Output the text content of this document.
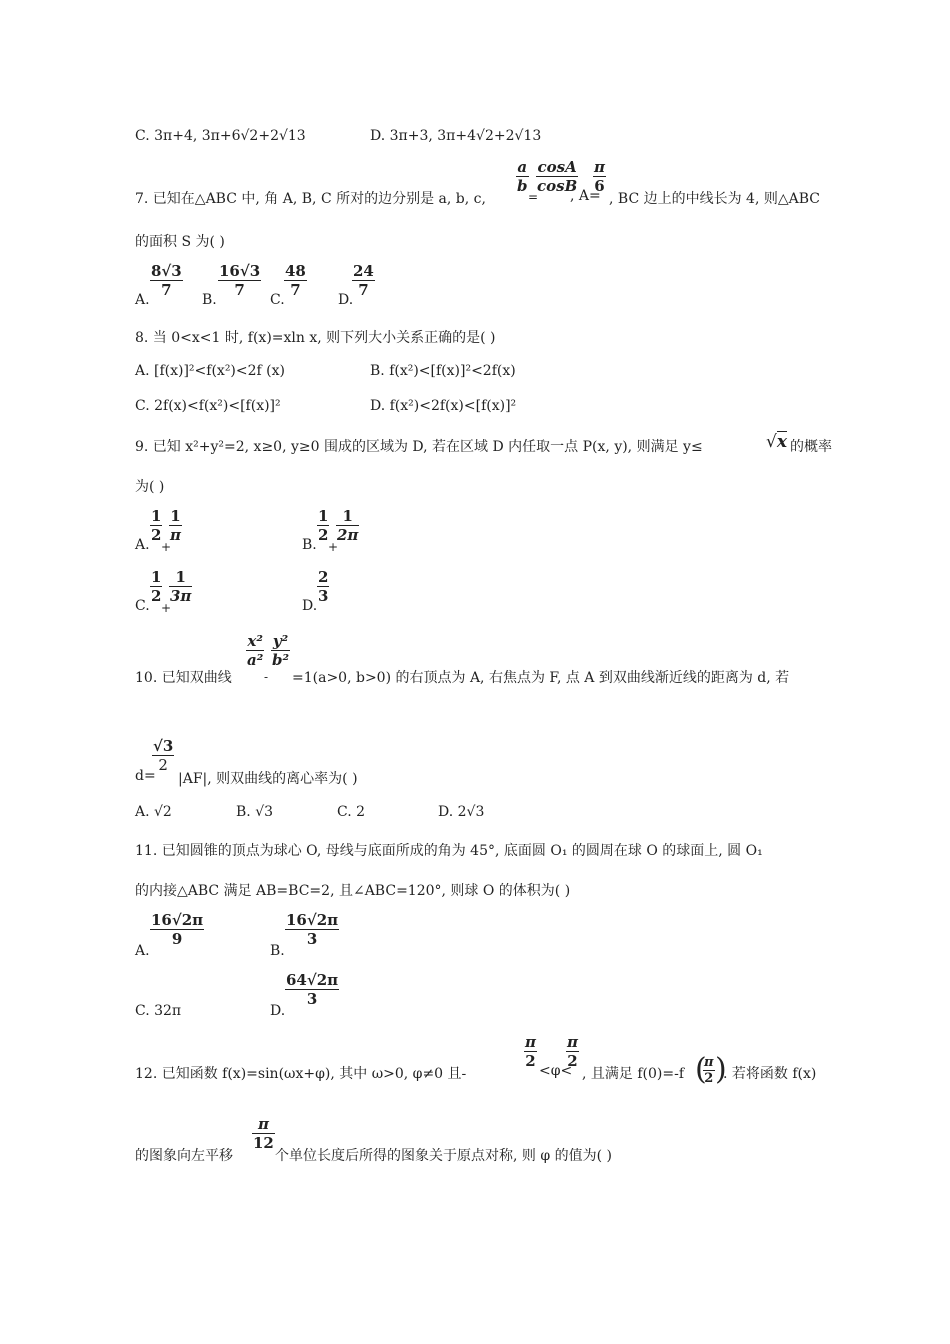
C. 3π+4, 3π+6√2+2√13	D. 3π+3, 3π+4√2+2√13
7. 已知在△ABC 中, 角 A, B, C 所对的边分别是 a, b, c,
$\frac{a}{b}$
=
$\frac{\cos A}{\cos B}$
, A=
$\frac{\pi}{6}$
, BC 边上的中线长为 4, 则△ABC
的面积 S 为( )
A.
$\frac{8√3}{7}$
B.
$\frac{16√3}{7}$
C.
$\frac{48}{7}$
D.
$\frac{24}{7}$
8. 当 0<x<1 时, f(x)=xln x, 则下列大小关系正确的是( )
A. [f(x)]²<f(x²)<2f (x)	B. f(x²)<[f(x)]²<2f(x)
C. 2f(x)<f(x²)<[f(x)]²	D. f(x²)<2f(x)<[f(x)]²
9. 已知 x²+y²=2, x≥0, y≥0 围成的区域为 D, 若在区域 D 内任取一点 P(x, y), 则满足 y≤	√x 的概率
为( )
A.
$\frac{1}{2}$
+
$\frac{1}{\pi}$
B.
$\frac{1}{2}$
+
$\frac{1}{2\pi}$
C.
$\frac{1}{2}$
+
$\frac{1}{3\pi}$
D.
$\frac{2}{3}$
10. 已知双曲线
$\frac{\text{x²}}{\text{a²}}$
-
$\frac{\text{y²}}{\text{b²}}$
=1(a>0, b>0) 的右顶点为 A, 右焦点为 F, 点 A 到双曲线渐近线的距离为 d, 若
d=
$\frac{√3}{2}$
|AF|, 则双曲线的离心率为( )
A. √2	B. √3	C. 2	D. 2√3
11. 已知圆锥的顶点为球心 O, 母线与底面所成的角为 45°, 底面圆 O₁ 的圆周在球 O 的球面上, 圆 O₁
的内接△ABC 满足 AB=BC=2, 且∠ABC=120°, 则球 O 的体积为( )
A.
$\frac{16√2\pi}{9}$
B.
$\frac{16√2\pi}{3}$
C. 32π	D.
$\frac{64√2\pi}{3}$
12. 已知函数 f(x)=sin(ωx+φ), 其中 ω>0, φ≠0 且-
$\frac{\pi}{2}$
<φ<
$\frac{\pi}{2}$
, 且满足 f(0)=-f (
$\frac{\pi}{2}$ )
. 若将函数 f(x)
的图象向左平移
$\frac{\pi}{12}$
个单位长度后所得的图象关于原点对称, 则 φ 的值为( )
